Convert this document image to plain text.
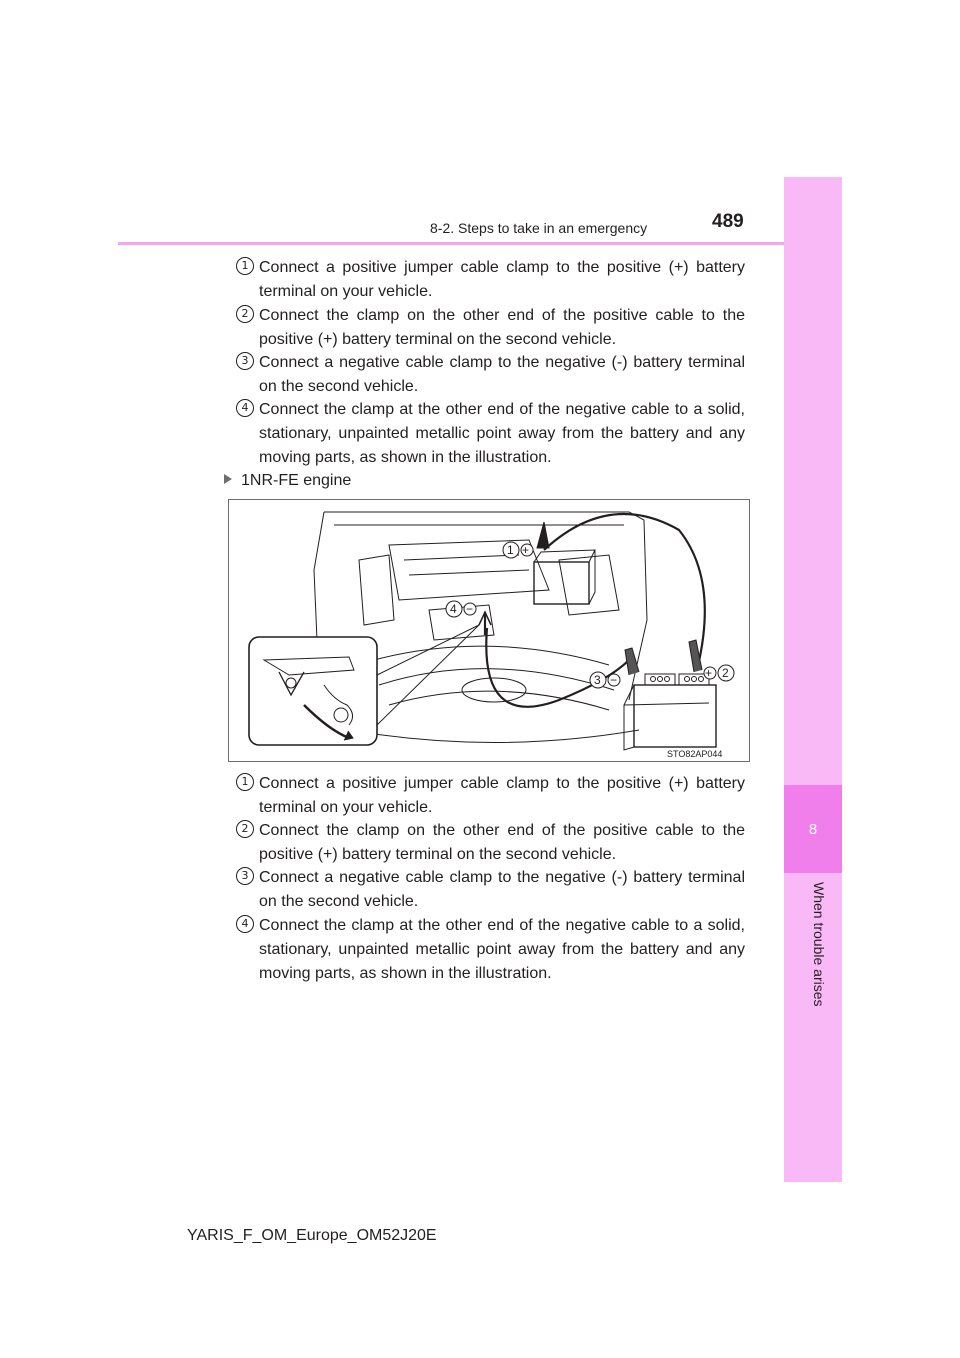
8-2. Steps to take in an emergency	489
8
When trouble arises
1 Connect a positive jumper cable clamp to the positive (+) battery terminal on your vehicle.
2 Connect the clamp on the other end of the positive cable to the positive (+) battery terminal on the second vehicle.
3 Connect a negative cable clamp to the negative (-) battery terminal on the second vehicle.
4 Connect the clamp at the other end of the negative cable to a solid, stationary, unpainted metallic point away from the battery and any moving parts, as shown in the illustration.
1NR-FE engine
1 +
4 −
3 −	+ 2
STO82AP044
1 Connect a positive jumper cable clamp to the positive (+) battery terminal on your vehicle.
2 Connect the clamp on the other end of the positive cable to the positive (+) battery terminal on the second vehicle.
3 Connect a negative cable clamp to the negative (-) battery terminal on the second vehicle.
4 Connect the clamp at the other end of the negative cable to a solid, stationary, unpainted metallic point away from the battery and any moving parts, as shown in the illustration.
YARIS_F_OM_Europe_OM52J20E
